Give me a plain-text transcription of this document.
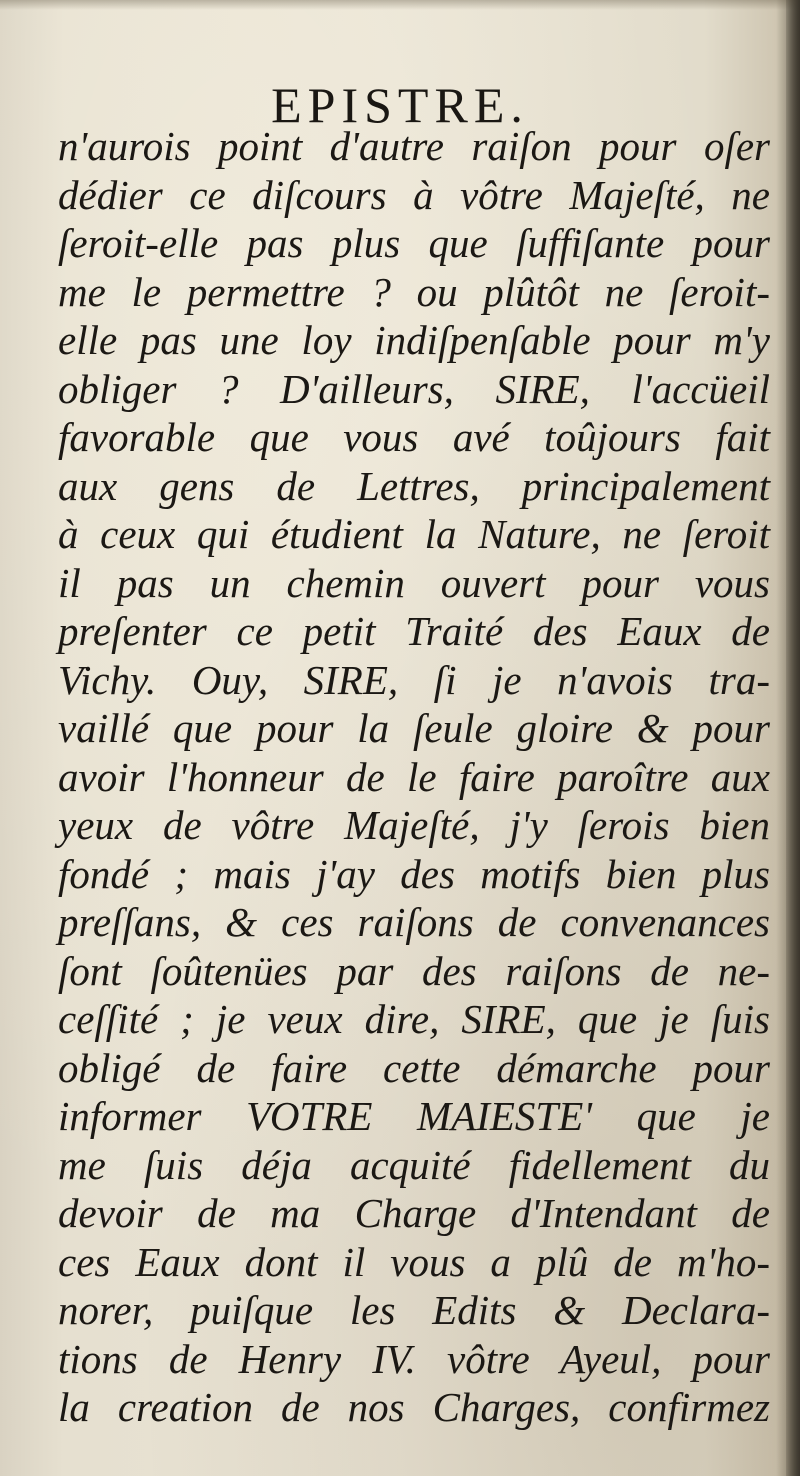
EPISTRE.
n'aurois point d'autre raiſon pour oſer
dédier ce diſcours à vôtre Majeſté, ne
ſeroit-elle pas plus que ſuffiſante pour
me le permettre ? ou plûtôt ne ſeroit-
elle pas une loy indiſpenſable pour m'y
obliger ? D'ailleurs, SIRE, l'accüeil
favorable que vous avé toûjours fait
aux gens de Lettres, principalement
à ceux qui étudient la Nature, ne ſeroit
il pas un chemin ouvert pour vous
preſenter ce petit Traité des Eaux de
Vichy. Ouy, SIRE, ſi je n'avois tra-
vaillé que pour la ſeule gloire & pour
avoir l'honneur de le faire paroître aux
yeux de vôtre Majeſté, j'y ſerois bien
fondé ; mais j'ay des motifs bien plus
preſſans, & ces raiſons de convenances
ſont ſoûtenües par des raiſons de ne-
ceſſité ; je veux dire, SIRE, que je ſuis
obligé de faire cette démarche pour
informer VOTRE MAIESTE' que je
me ſuis déja acquité fidellement du
devoir de ma Charge d'Intendant de
ces Eaux dont il vous a plû de m'ho-
norer, puiſque les Edits & Declara-
tions de Henry IV. vôtre Ayeul, pour
la creation de nos Charges, confirmez
